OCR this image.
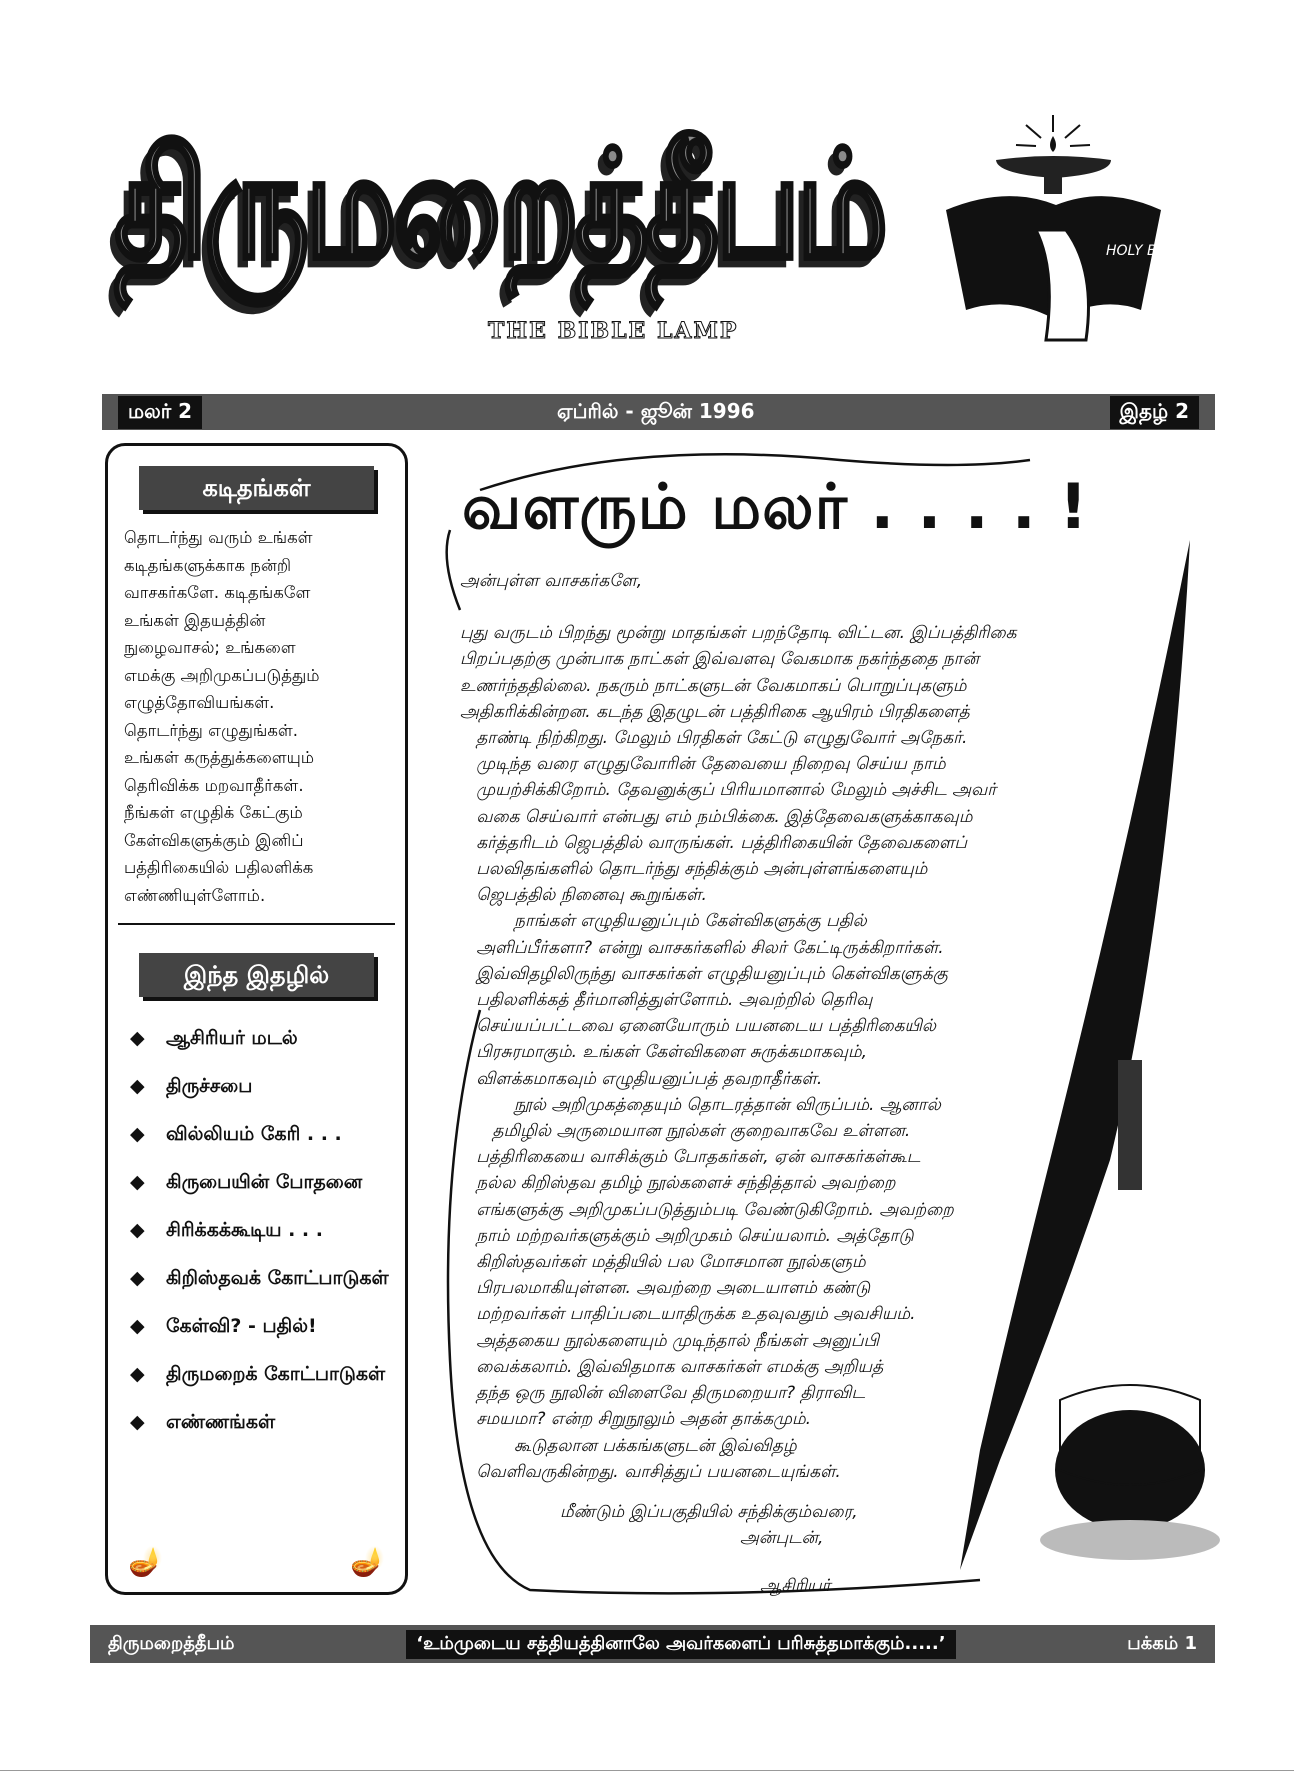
திருமறைத்தீபம்	HOLY BIBLE
THE BIBLE LAMP
மலர் 2	ஏப்ரில் - ஜூன் 1996	இதழ் 2
கடிதங்கள்
தொடர்ந்து வரும் உங்கள்
கடிதங்களுக்காக நன்றி
வாசகர்களே. கடிதங்களே
உங்கள் இதயத்தின்
நுழைவாசல்; உங்களை
எமக்கு அறிமுகப்படுத்தும்
எழுத்தோவியங்கள்.
தொடர்ந்து எழுதுங்கள்.
உங்கள் கருத்துக்களையும்
தெரிவிக்க மறவாதீர்கள்.
நீங்கள் எழுதிக் கேட்கும்
கேள்விகளுக்கும் இனிப்
பத்திரிகையில் பதிலளிக்க
எண்ணியுள்ளோம்.
இந்த இதழில்
◆	ஆசிரியர் மடல்
◆	திருச்சபை
◆	வில்லியம் கேரி . . .
◆	கிருபையின் போதனை
◆	சிரிக்கக்கூடிய . . .
◆	கிறிஸ்தவக் கோட்பாடுகள்
◆	கேள்வி? - பதில்!
◆	திருமறைக் கோட்பாடுகள்
◆	எண்ணங்கள்
🪔	🪔
வளரும் மலர் . . . . !
அன்புள்ள வாசகர்களே,
புது வருடம் பிறந்து மூன்று மாதங்கள் பறந்தோடி விட்டன. இப்பத்திரிகை
பிறப்பதற்கு முன்பாக நாட்கள் இவ்வளவு வேகமாக நகர்ந்ததை நான்
உணர்ந்ததில்லை. நகரும் நாட்களுடன் வேகமாகப் பொறுப்புகளும்
அதிகரிக்கின்றன. கடந்த இதழுடன் பத்திரிகை ஆயிரம் பிரதிகளைத்
தாண்டி நிற்கிறது. மேலும் பிரதிகள் கேட்டு எழுதுவோர் அநேகர்.
முடிந்த வரை எழுதுவோரின் தேவையை நிறைவு செய்ய நாம்
முயற்சிக்கிறோம். தேவனுக்குப் பிரியமானால் மேலும் அச்சிட அவர்
வகை செய்வார் என்பது எம் நம்பிக்கை. இத்தேவைகளுக்காகவும்
கர்த்தரிடம் ஜெபத்தில் வாருங்கள். பத்திரிகையின் தேவைகளைப்
பலவிதங்களில் தொடர்ந்து சந்திக்கும் அன்புள்ளங்களையும்
ஜெபத்தில் நினைவு கூறுங்கள்.
நாங்கள் எழுதியனுப்பும் கேள்விகளுக்கு பதில்
அளிப்பீர்களா? என்று வாசகர்களில் சிலர் கேட்டிருக்கிறார்கள்.
இவ்விதழிலிருந்து வாசகர்கள் எழுதியனுப்பும் கெள்விகளுக்கு
பதிலளிக்கத் தீர்மானித்துள்ளோம். அவற்றில் தெரிவு
செய்யப்பட்டவை ஏனையோரும் பயனடைய பத்திரிகையில்
பிரசுரமாகும். உங்கள் கேள்விகளை சுருக்கமாகவும்,
விளக்கமாகவும் எழுதியனுப்பத் தவறாதீர்கள்.
நூல் அறிமுகத்தையும் தொடரத்தான் விருப்பம். ஆனால்
தமிழில் அருமையான நூல்கள் குறைவாகவே உள்ளன.
பத்திரிகையை வாசிக்கும் போதகர்கள், ஏன் வாசகர்கள்கூட
நல்ல கிறிஸ்தவ தமிழ் நூல்களைச் சந்தித்தால் அவற்றை
எங்களுக்கு அறிமுகப்படுத்தும்படி வேண்டுகிறோம். அவற்றை
நாம் மற்றவர்களுக்கும் அறிமுகம் செய்யலாம். அத்தோடு
கிறிஸ்தவர்கள் மத்தியில் பல மோசமான நூல்களும்
பிரபலமாகியுள்ளன. அவற்றை அடையாளம் கண்டு
மற்றவர்கள் பாதிப்படையாதிருக்க உதவுவதும் அவசியம்.
அத்தகைய நூல்களையும் முடிந்தால் நீங்கள் அனுப்பி
வைக்கலாம். இவ்விதமாக வாசகர்கள் எமக்கு அறியத்
தந்த ஒரு நூலின் விளைவே திருமறையா? திராவிட
சமயமா? என்ற சிறுநூலும் அதன் தாக்கமும்.
கூடுதலான பக்கங்களுடன் இவ்விதழ்
வெளிவருகின்றது. வாசித்துப் பயனடையுங்கள்.
மீண்டும் இப்பகுதியில் சந்திக்கும்வரை,
அன்புடன்,
ஆசிரியர்
திருமறைத்தீபம்	‘உம்முடைய சத்தியத்தினாலே அவர்களைப் பரிசுத்தமாக்கும்.....’	பக்கம் 1
